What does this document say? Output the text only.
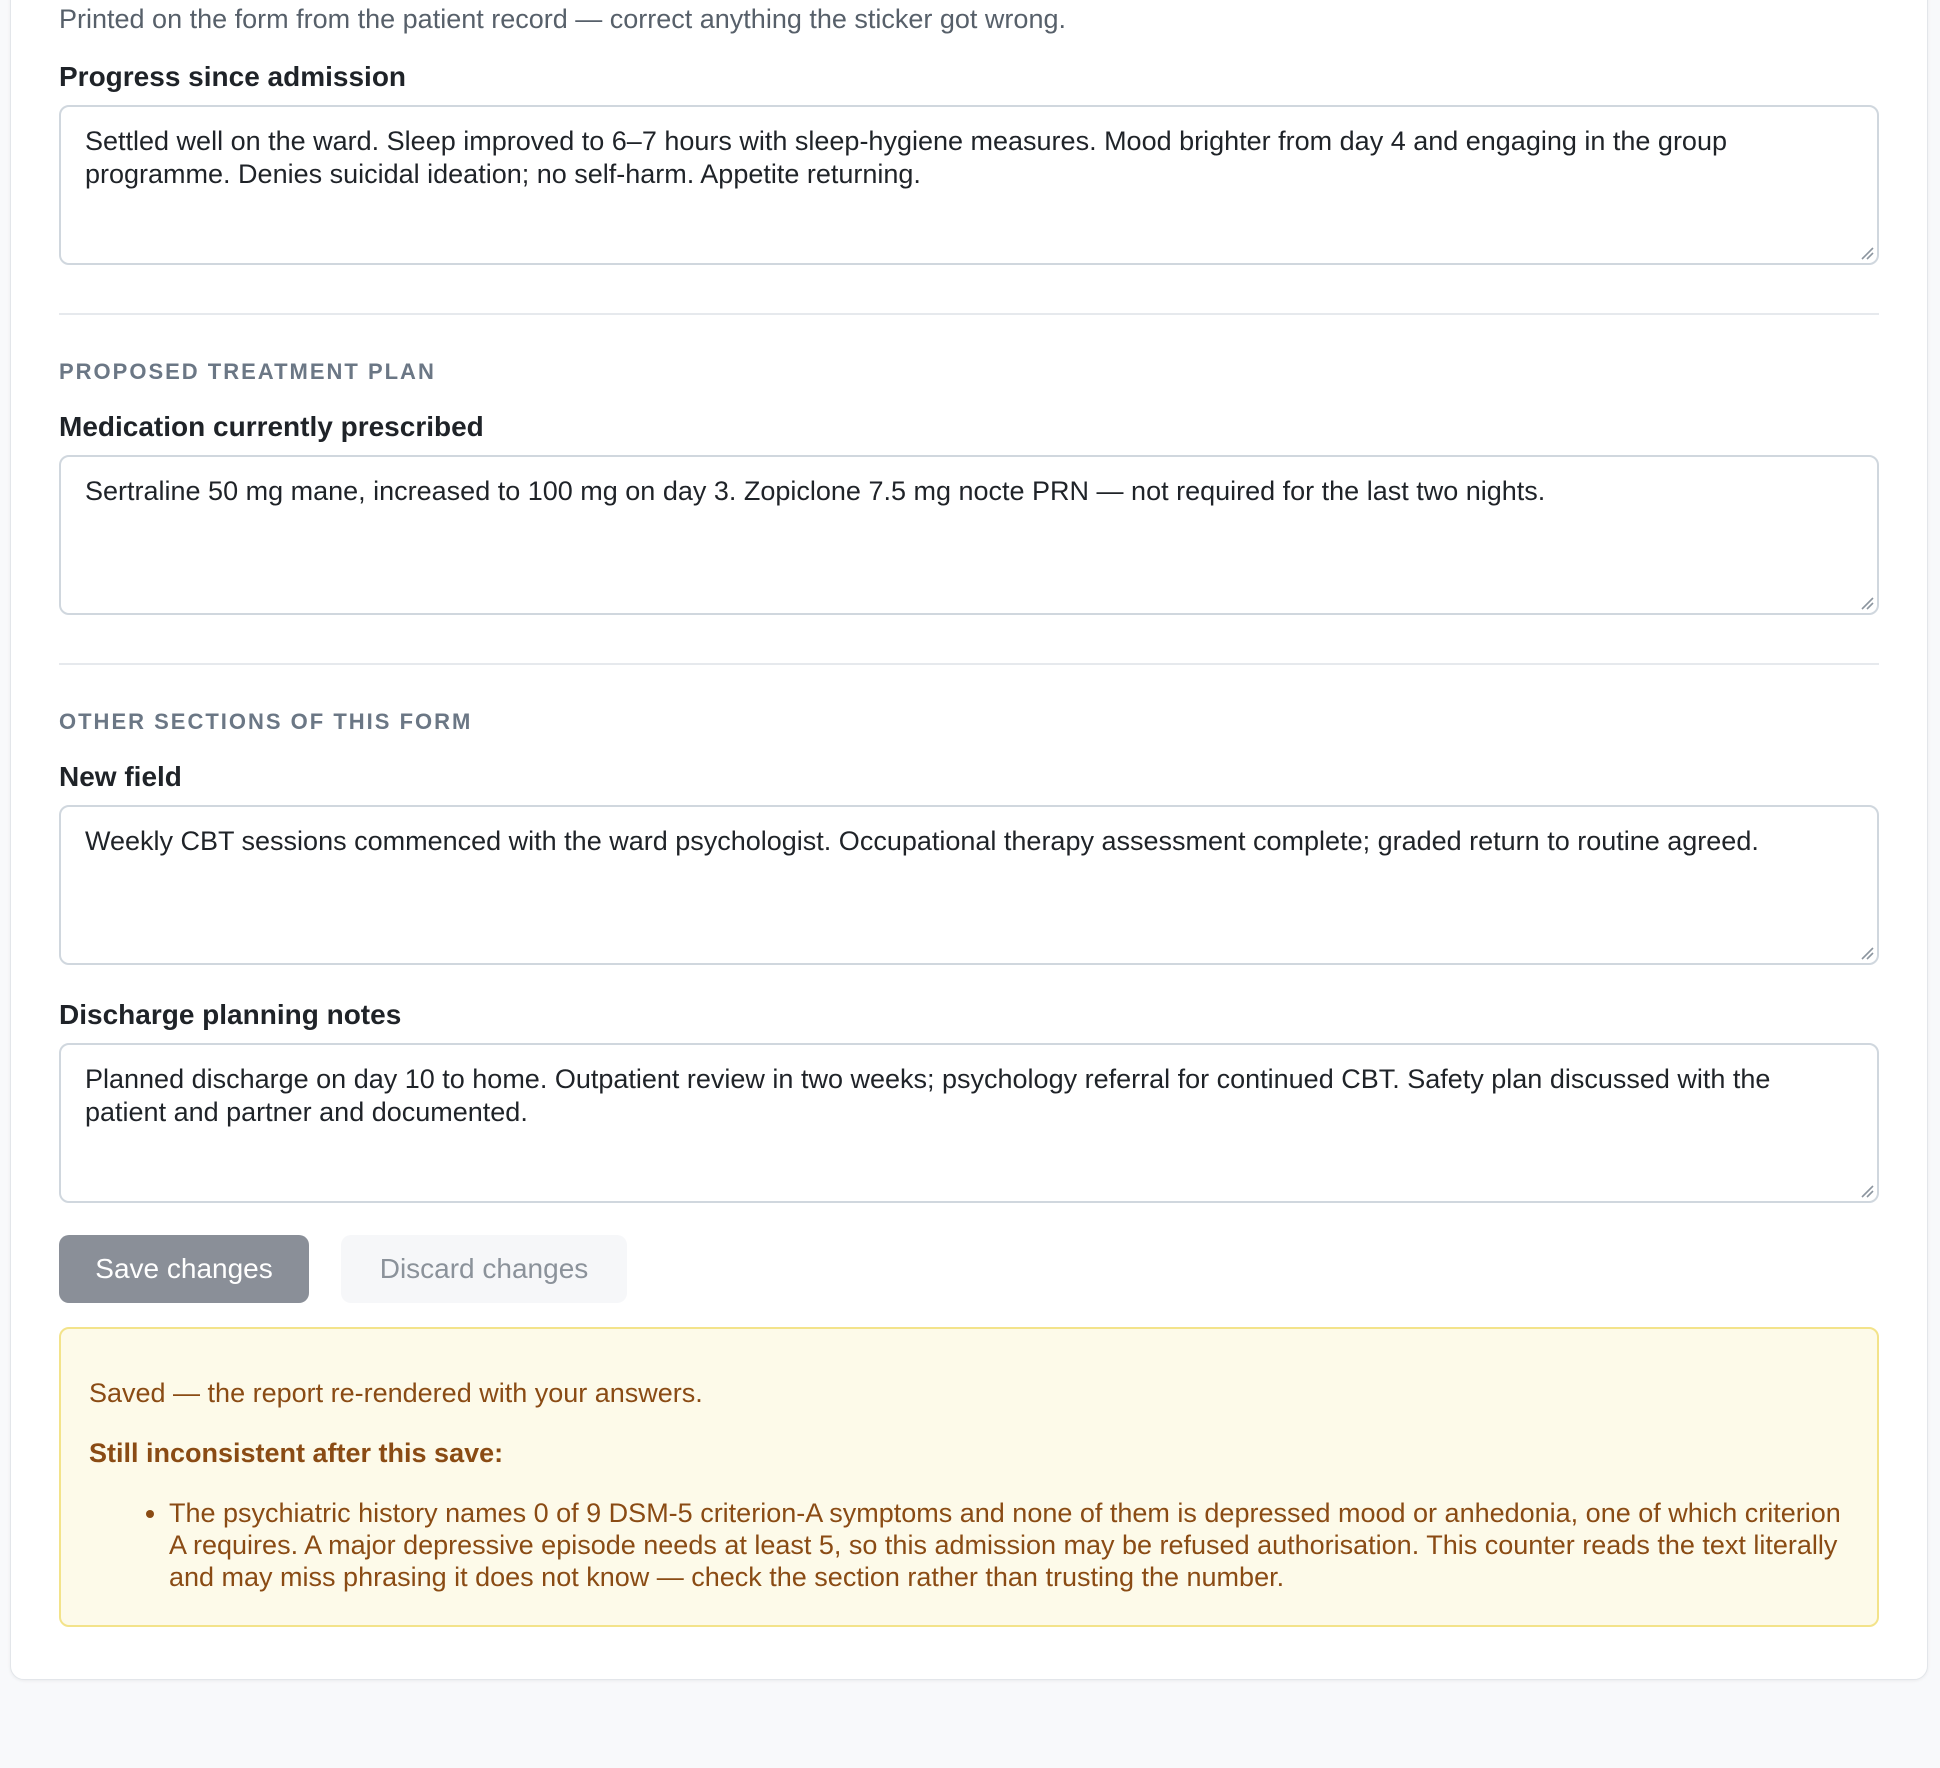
Printed on the form from the patient record — correct anything the sticker got wrong.

Progress since admission
Settled well on the ward. Sleep improved to 6–7 hours with sleep-hygiene measures. Mood brighter from day 4 and engaging in the group programme. Denies suicidal ideation; no self-harm. Appetite returning.

PROPOSED TREATMENT PLAN

Medication currently prescribed
Sertraline 50 mg mane, increased to 100 mg on day 3. Zopiclone 7.5 mg nocte PRN — not required for the last two nights.

OTHER SECTIONS OF THIS FORM

New field
Weekly CBT sessions commenced with the ward psychologist. Occupational therapy assessment complete; graded return to routine agreed.
Discharge planning notes
Planned discharge on day 10 to home. Outpatient review in two weeks; psychology referral for continued CBT. Safety plan discussed with the patient and partner and documented.
Save changes	Discard changes

Saved — the report re-rendered with your answers.

Still inconsistent after this save:

• The psychiatric history names 0 of 9 DSM-5 criterion-A symptoms and none of them is depressed mood or anhedonia, one of which criterion A requires. A major depressive episode needs at least 5, so this admission may be refused authorisation. This counter reads the text literally and may miss phrasing it does not know — check the section rather than trusting the number.
